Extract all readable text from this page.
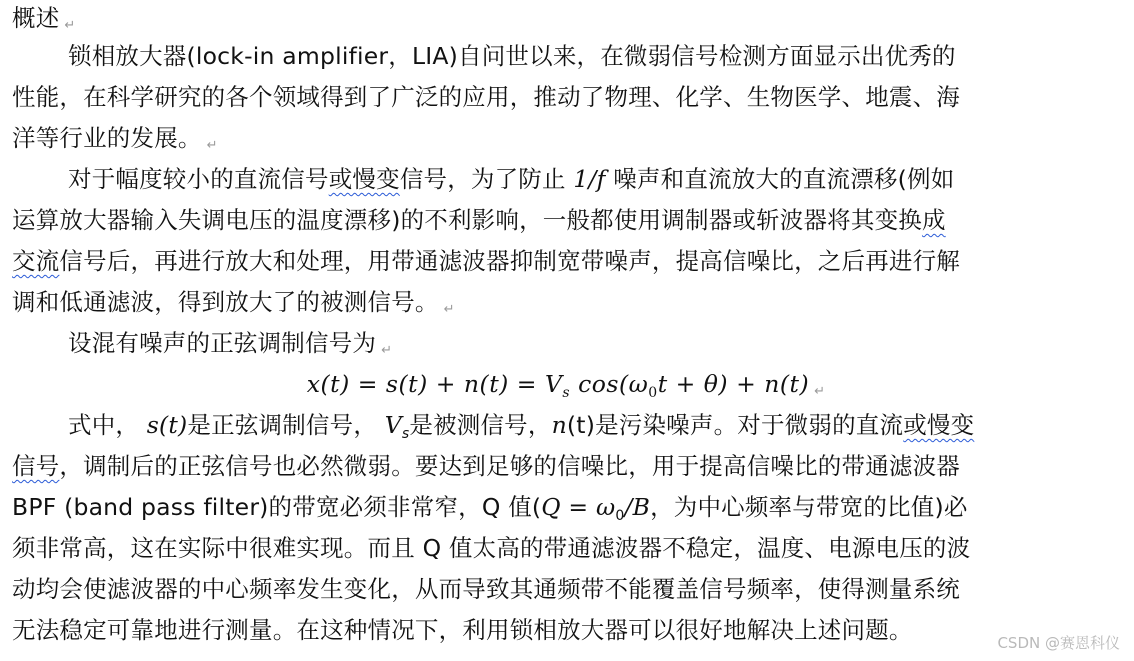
概述 ↵
锁相放大器(lock-in amplifier，LIA)自问世以来，在微弱信号检测方面显示出优秀的
性能，在科学研究的各个领域得到了广泛的应用，推动了物理、化学、生物医学、地震、海
洋等行业的发展。 ↵
对于幅度较小的直流信号或慢变信号，为了防止 1/f 噪声和直流放大的直流漂移(例如
运算放大器输入失调电压的温度漂移)的不利影响，一般都使用调制器或斩波器将其变换成
交流信号后，再进行放大和处理，用带通滤波器抑制宽带噪声，提高信噪比，之后再进行解
调和低通滤波，得到放大了的被测信号。 ↵
设混有噪声的正弦调制信号为 ↵
$x(t) = s(t) + n(t) = V_s$ $\cos(\omega_0t + \theta) + n(t)$ ↵
式中， s(t)是正弦调制信号， $V_s$是被测信号，n(t)是污染噪声。对于微弱的直流或慢变
信号，调制后的正弦信号也必然微弱。要达到足够的信噪比，用于提高信噪比的带通滤波器
BPF (band pass filter)的带宽必须非常窄，Q 值($Q = \omega_0/B$，为中心频率与带宽的比值)必
须非常高，这在实际中很难实现。而且 Q 值太高的带通滤波器不稳定，温度、电源电压的波
动均会使滤波器的中心频率发生变化，从而导致其通频带不能覆盖信号频率，使得测量系统
无法稳定可靠地进行测量。在这种情况下，利用锁相放大器可以很好地解决上述问题。	CSDN @赛恩科仪
